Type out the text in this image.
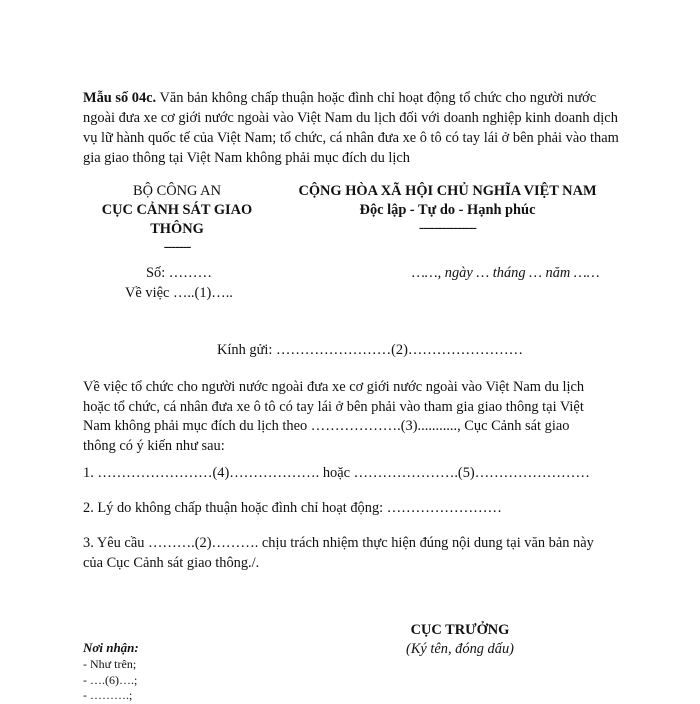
Mẫu số 04c. Văn bản không chấp thuận hoặc đình chỉ hoạt động tổ chức cho người nước ngoài đưa xe cơ giới nước ngoài vào Việt Nam du lịch đối với doanh nghiệp kinh doanh dịch vụ lữ hành quốc tế của Việt Nam; tổ chức, cá nhân đưa xe ô tô có tay lái ở bên phải vào tham gia giao thông tại Việt Nam không phải mục đích du lịch
BỘ CÔNG AN
CỤC CẢNH SÁT GIAO THÔNG
-------
CỘNG HÒA XÃ HỘI CHỦ NGHĨA VIỆT NAM
Độc lập - Tự do - Hạnh phúc
---------------
Số: ………
Về việc …..(1)…..
……, ngày … tháng … năm ……
Kính gửi: ……………………(2)……………………
Về việc tổ chức cho người nước ngoài đưa xe cơ giới nước ngoài vào Việt Nam du lịch hoặc tổ chức, cá nhân đưa xe ô tô có tay lái ở bên phải vào tham gia giao thông tại Việt Nam không phải mục đích du lịch theo ……………….(3)..........., Cục Cảnh sát giao thông có ý kiến như sau:
1. ……………………(4)………………. hoặc ………………….(5)……………………
2. Lý do không chấp thuận hoặc đình chỉ hoạt động: ……………………
3. Yêu cầu ……….(2)………. chịu trách nhiệm thực hiện đúng nội dung tại văn bản này của Cục Cảnh sát giao thông./.
CỤC TRƯỞNG
(Ký tên, đóng dấu)
Nơi nhận:
- Như trên;
- ….(6)….;
- ……….;
